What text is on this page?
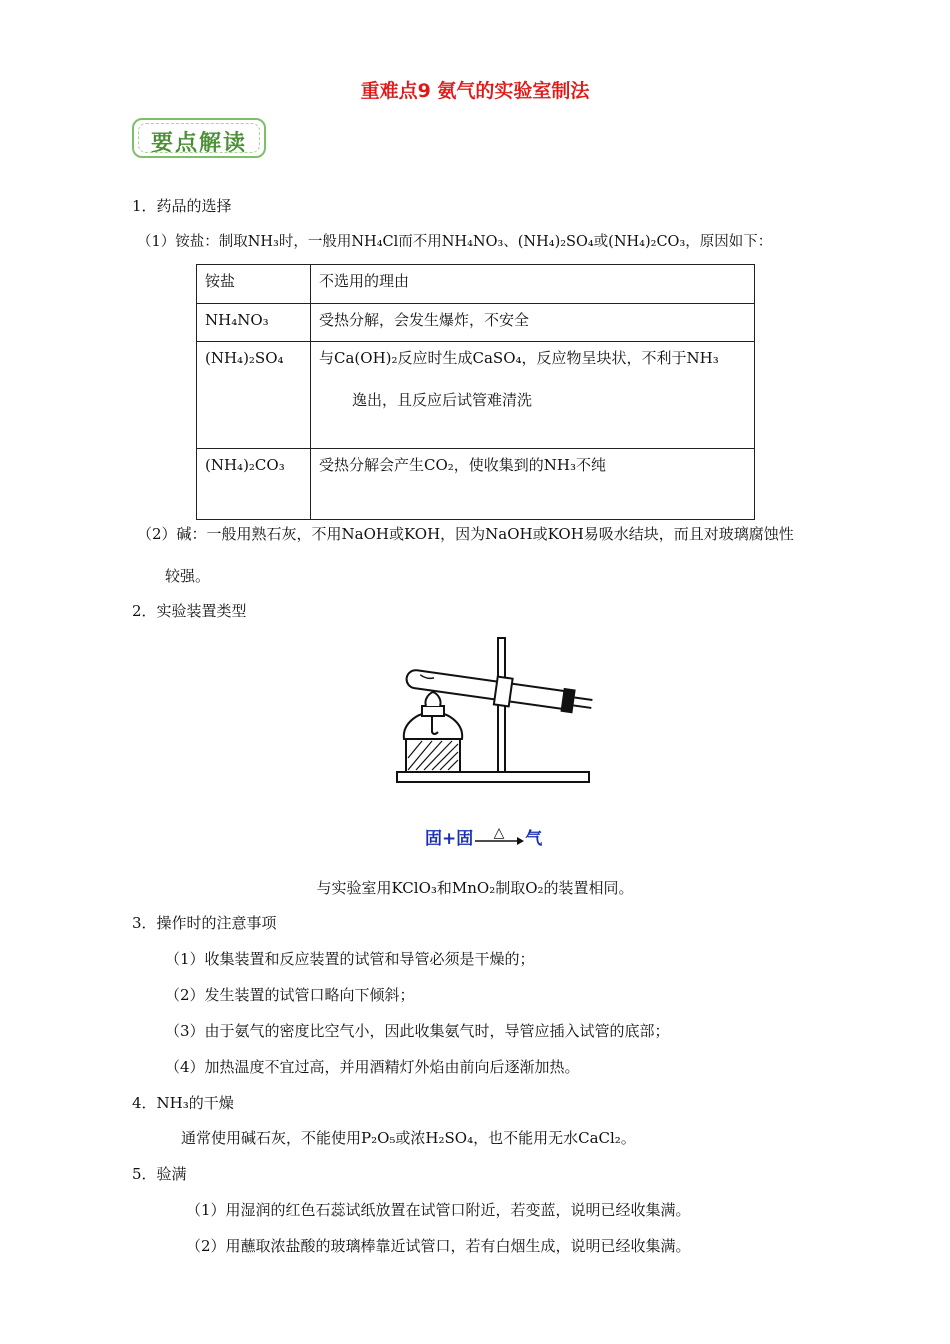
重难点9 氨气的实验室制法
要点解读
1．药品的选择
（1）铵盐：制取NH₃时，一般用NH₄Cl而不用NH₄NO₃、(NH₄)₂SO₄或(NH₄)₂CO₃，原因如下：
铵盐	不选用的理由
NH₄NO₃	受热分解，会发生爆炸，不安全
(NH₄)₂SO₄	与Ca(OH)₂反应时生成CaSO₄，反应物呈块状，不利于NH₃
逸出，且反应后试管难清洗

(NH₄)₂CO₃	受热分解会产生CO₂，使收集到的NH₃不纯
（2）碱：一般用熟石灰，不用NaOH或KOH，因为NaOH或KOH易吸水结块，而且对玻璃腐蚀性
较强。
2．实验装置类型
固+固 △ 气
与实验室用KClO₃和MnO₂制取O₂的装置相同。
3．操作时的注意事项
（1）收集装置和反应装置的试管和导管必须是干燥的；
（2）发生装置的试管口略向下倾斜；
（3）由于氨气的密度比空气小，因此收集氨气时，导管应插入试管的底部；
（4）加热温度不宜过高，并用酒精灯外焰由前向后逐渐加热。
4．NH₃的干燥
通常使用碱石灰，不能使用P₂O₅或浓H₂SO₄，也不能用无水CaCl₂。
5．验满
（1）用湿润的红色石蕊试纸放置在试管口附近，若变蓝，说明已经收集满。
（2）用蘸取浓盐酸的玻璃棒靠近试管口，若有白烟生成，说明已经收集满。
